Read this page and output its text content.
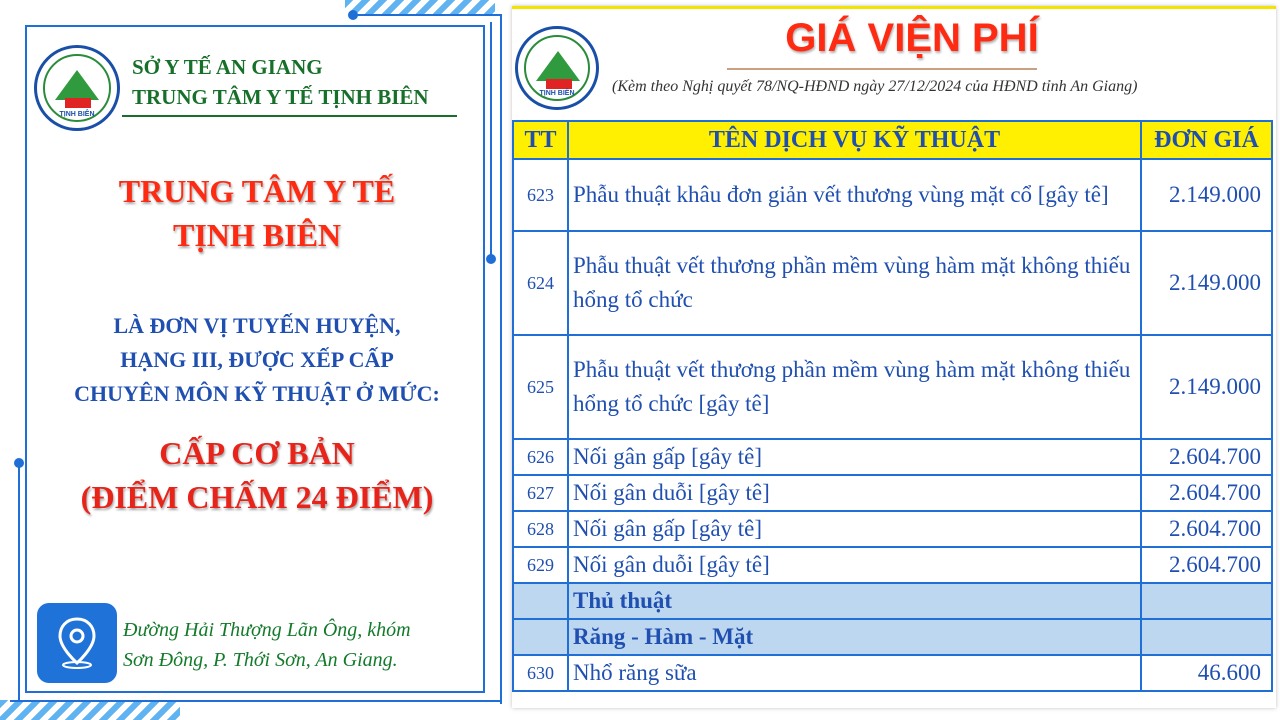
TỊNH BIÊN
SỞ Y TẾ AN GIANG
TRUNG TÂM Y TẾ TỊNH BIÊN
TRUNG TÂM Y TẾ
TỊNH BIÊN
LÀ ĐƠN VỊ TUYẾN HUYỆN,
HẠNG III, ĐƯỢC XẾP CẤP
CHUYÊN MÔN KỸ THUẬT Ở MỨC:
CẤP CƠ BẢN
(ĐIỂM CHẤM 24 ĐIỂM)
Đường Hải Thượng Lãn Ông, khóm
Sơn Đông, P. Thới Sơn, An Giang.
TỊNH BIÊN
GIÁ VIỆN PHÍ
(Kèm theo Nghị quyết 78/NQ-HĐND ngày 27/12/2024 của HĐND tỉnh An Giang)
TT	TÊN DỊCH VỤ KỸ THUẬT	ĐƠN GIÁ
623	Phẫu thuật khâu đơn giản vết thương vùng mặt cổ [gây tê]	2.149.000
624	Phẫu thuật vết thương phần mềm vùng hàm mặt không thiếu hổng tổ chức	2.149.000
625	Phẫu thuật vết thương phần mềm vùng hàm mặt không thiếu hổng tổ chức [gây tê]	2.149.000
626	Nối gân gấp [gây tê]	2.604.700
627	Nối gân duỗi [gây tê]	2.604.700
628	Nối gân gấp [gây tê]	2.604.700
629	Nối gân duỗi [gây tê]	2.604.700
	Thủ thuật	
	Răng - Hàm - Mặt	
630	Nhổ răng sữa	46.600
